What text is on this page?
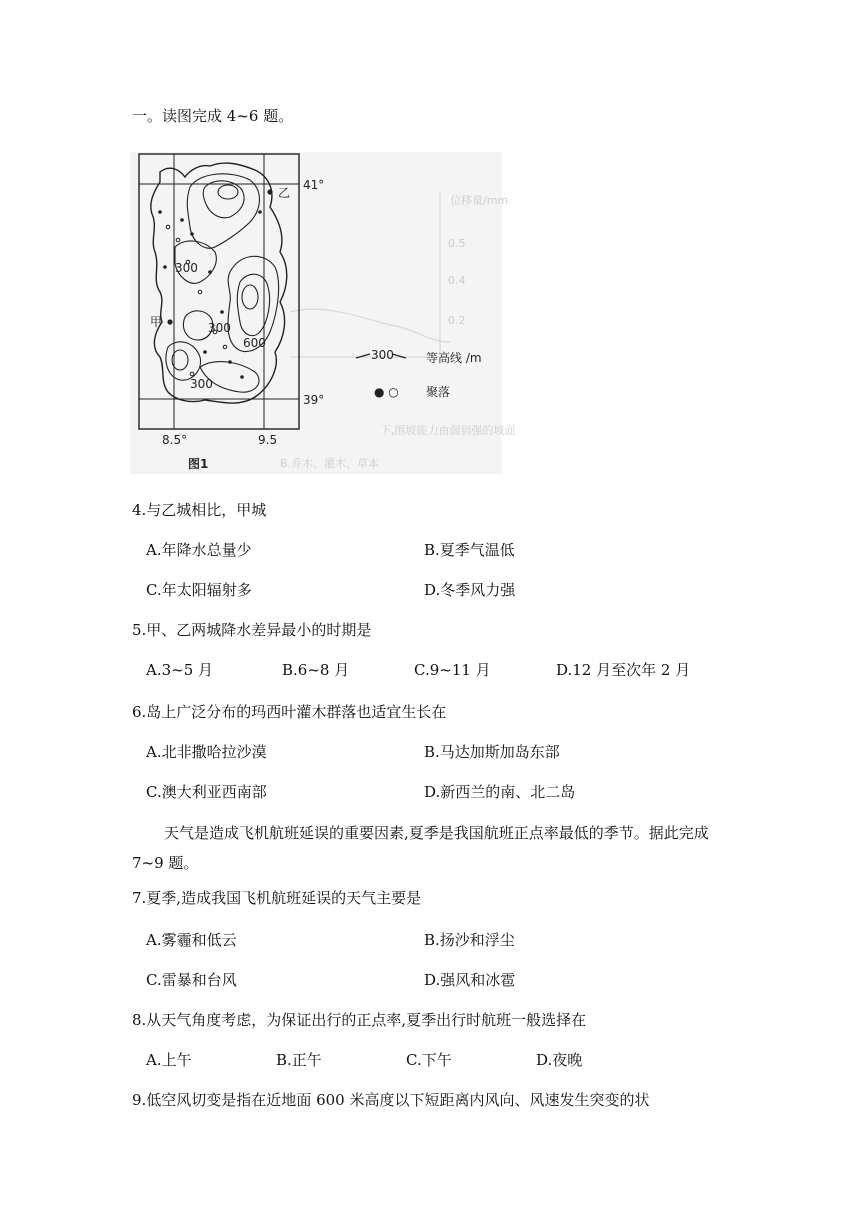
一。读图完成 4~6 题。
位移量/mm
0.5
0.4
0.2
下,围坡能力由弱到强的坡面
B.乔木、灌木、草本
甲
乙
41°
39°
8.5°	9.5
300
300
300
600
300	等高线 /m
● ○ 聚落
图1
4.与乙城相比，甲城
A.年降水总量少	B.夏季气温低
C.年太阳辐射多	D.冬季风力强
5.甲、乙两城降水差异最小的时期是
A.3~5 月	B.6~8 月	C.9~11 月	D.12 月至次年 2 月
6.岛上广泛分布的玛西叶灌木群落也适宜生长在
A.北非撒哈拉沙漠	B.马达加斯加岛东部
C.澳大利亚西南部	D.新西兰的南、北二岛
天气是造成飞机航班延误的重要因素,夏季是我国航班正点率最低的季节。据此完成 7~9 题。
7.夏季,造成我国飞机航班延误的天气主要是
A.雾霾和低云	B.扬沙和浮尘
C.雷暴和台风	D.强风和冰雹
8.从天气角度考虑，为保证出行的正点率,夏季出行时航班一般选择在
A.上午	B.正午	C.下午	D.夜晚
9.低空风切变是指在近地面 600 米高度以下短距离内风向、风速发生突变的状
